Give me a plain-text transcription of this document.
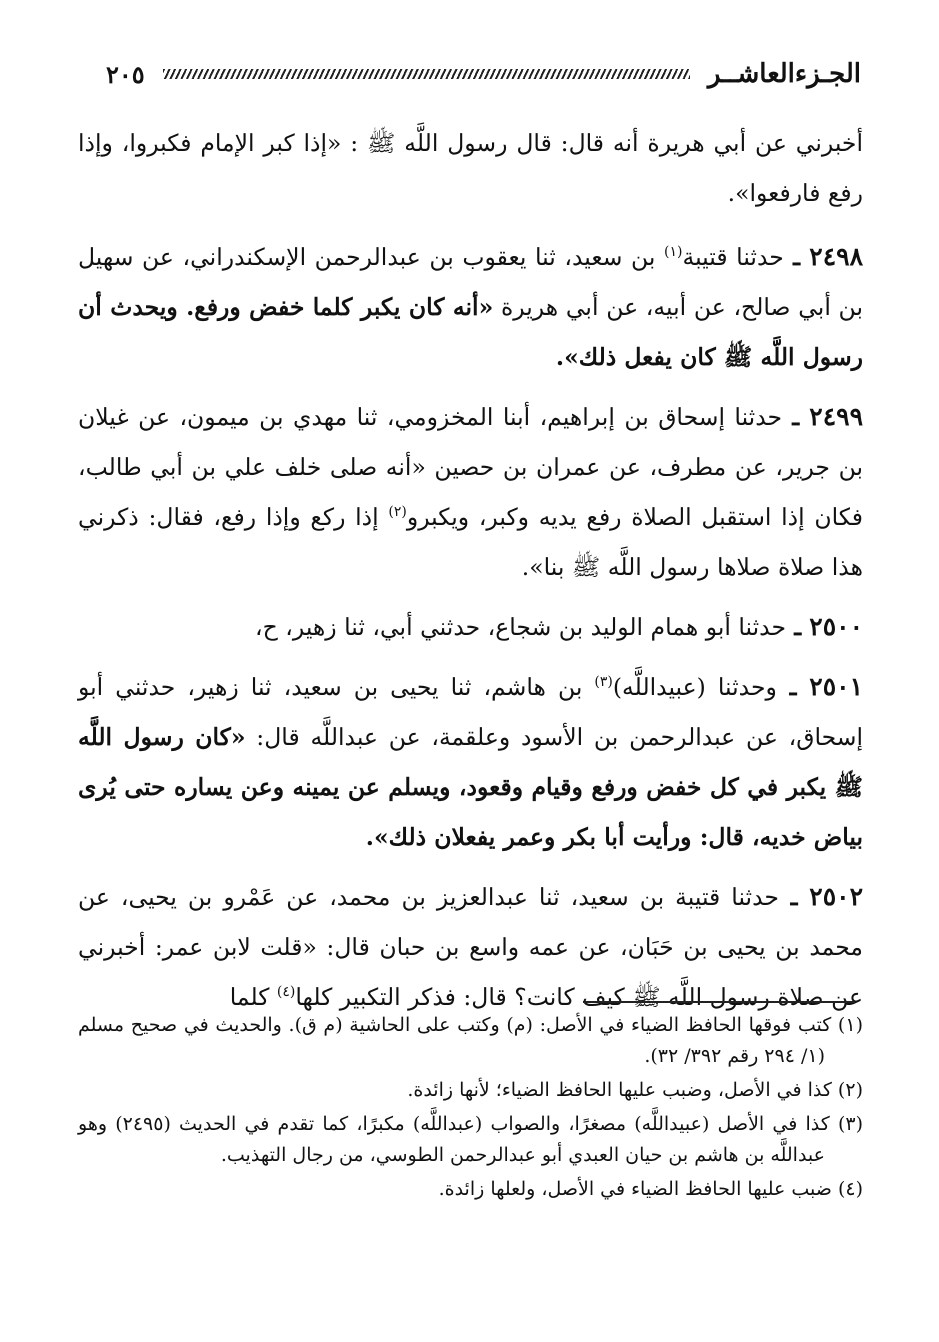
الجـزءالعاشــر
٢٠٥

أخبرني عن أبي هريرة أنه قال: قال رسول اللَّه ﷺ : «إذا كبر الإمام فكبروا، وإذا رفع فارفعوا».

٢٤٩٨ ـ حدثنا قتيبة$^{(١)}$ بن سعيد، ثنا يعقوب بن عبدالرحمن الإسكندراني، عن سهيل بن أبي صالح، عن أبيه، عن أبي هريرة «أنه كان يكبر كلما خفض ورفع. ويحدث أن رسول اللَّه ﷺ كان يفعل ذلك».

٢٤٩٩ ـ حدثنا إسحاق بن إبراهيم، أبنا المخزومي، ثنا مهدي بن ميمون، عن غيلان بن جرير، عن مطرف، عن عمران بن حصين «أنه صلى خلف علي بن أبي طالب، فكان إذا استقبل الصلاة رفع يديه وكبر، ويكبرو$^{(٢)}$ إذا ركع وإذا رفع، فقال: ذكرني هذا صلاة صلاها رسول اللَّه ﷺ بنا».

٢٥٠٠ ـ حدثنا أبو همام الوليد بن شجاع، حدثني أبي، ثنا زهير، ح،

٢٥٠١ ـ وحدثنا (عبيداللَّه)$^{(٣)}$ بن هاشم، ثنا يحيى بن سعيد، ثنا زهير، حدثني أبو إسحاق، عن عبدالرحمن بن الأسود وعلقمة، عن عبداللَّه قال: «كان رسول اللَّه ﷺ يكبر في كل خفض ورفع وقيام وقعود، ويسلم عن يمينه وعن يساره حتى يُرى بياض خديه، قال: ورأيت أبا بكر وعمر يفعلان ذلك».

٢٥٠٢ ـ حدثنا قتيبة بن سعيد، ثنا عبدالعزيز بن محمد، عن عَمْرو بن يحيى، عن محمد بن يحيى بن حَبَان، عن عمه واسع بن حبان قال: «قلت لابن عمر: أخبرني عن صلاة رسول اللَّه ﷺ كيف كانت؟ قال: فذكر التكبير كلها$^{(٤)}$ كلما

(١) كتب فوقها الحافظ الضياء في الأصل: (م) وكتب على الحاشية (م ق). والحديث في صحيح مسلم (١/ ٢٩٤ رقم ٣٩٢/ ٣٢).

(٢) كذا في الأصل، وضبب عليها الحافظ الضياء؛ لأنها زائدة.

(٣) كذا في الأصل (عبيداللَّه) مصغرًا، والصواب (عبداللَّه) مكبرًا، كما تقدم في الحديث (٢٤٩٥) وهو عبداللَّه بن هاشم بن حيان العبدي أبو عبدالرحمن الطوسي، من رجال التهذيب.

(٤) ضبب عليها الحافظ الضياء في الأصل، ولعلها زائدة.
